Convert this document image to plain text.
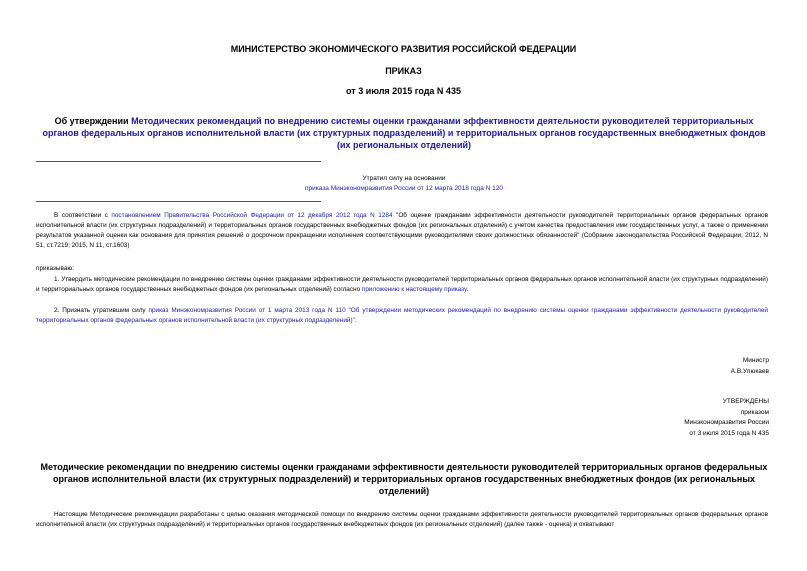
МИНИСТЕРСТВО ЭКОНОМИЧЕСКОГО РАЗВИТИЯ РОССИЙСКОЙ ФЕДЕРАЦИИ

ПРИКАЗ

от 3 июля 2015 года N 435

Об утверждении Методических рекомендаций по внедрению системы оценки гражданами эффективности деятельности руководителей территориальных органов федеральных органов исполнительной власти (их структурных подразделений) и территориальных органов государственных внебюджетных фондов (их региональных отделений)

Утратил силу на основании

приказа Минэкономразвития России от 12 марта 2018 года N 120

В соответствии с постановлением Правительства Российской Федерации от 12 декабря 2012 года N 1284 "Об оценке гражданами эффективности деятельности руководителей территориальных органов федеральных органов исполнительной власти (их структурных подразделений) и территориальных органов государственных внебюджетных фондов (их региональных отделений) с учетом качества предоставления ими государственных услуг, а также о применении результатов указанной оценки как основания для принятия решений о досрочном прекращении исполнения соответствующими руководителями своих должностных обязанностей" (Собрание законодательства Российской Федерации, 2012, N 51, ст.7219; 2015, N 11, ст.1603)

приказываю:

1. Утвердить методические рекомендации по внедрению системы оценки гражданами эффективности деятельности руководителей территориальных органов федеральных органов исполнительной власти (их структурных подразделений) и территориальных органов государственных внебюджетных фондов (их региональных отделений) согласно приложению к настоящему приказу.

2. Признать утратившим силу приказ Минэкономразвития России от 1 марта 2013 года N 110 "Об утверждении методических рекомендаций по внедрению системы оценки гражданами эффективности деятельности руководителей территориальных органов федеральных органов исполнительной власти (их структурных подразделений)".

Министр
А.В.Улюкаев

УТВЕРЖДЕНЫ
приказом
Минэкономразвития России
от 3 июля 2015 года N 435

Методические рекомендации по внедрению системы оценки гражданами эффективности деятельности руководителей территориальных органов федеральных органов исполнительной власти (их структурных подразделений) и территориальных органов государственных внебюджетных фондов (их региональных отделений)

Настоящие Методические рекомендации разработаны с целью оказания методической помощи по внедрению системы оценки гражданами эффективности деятельности руководителей территориальных органов федеральных органов исполнительной власти (их структурных подразделений) и территориальных органов государственных внебюджетных фондов (их региональных отделений) (далее также - оценка) и охватывают
